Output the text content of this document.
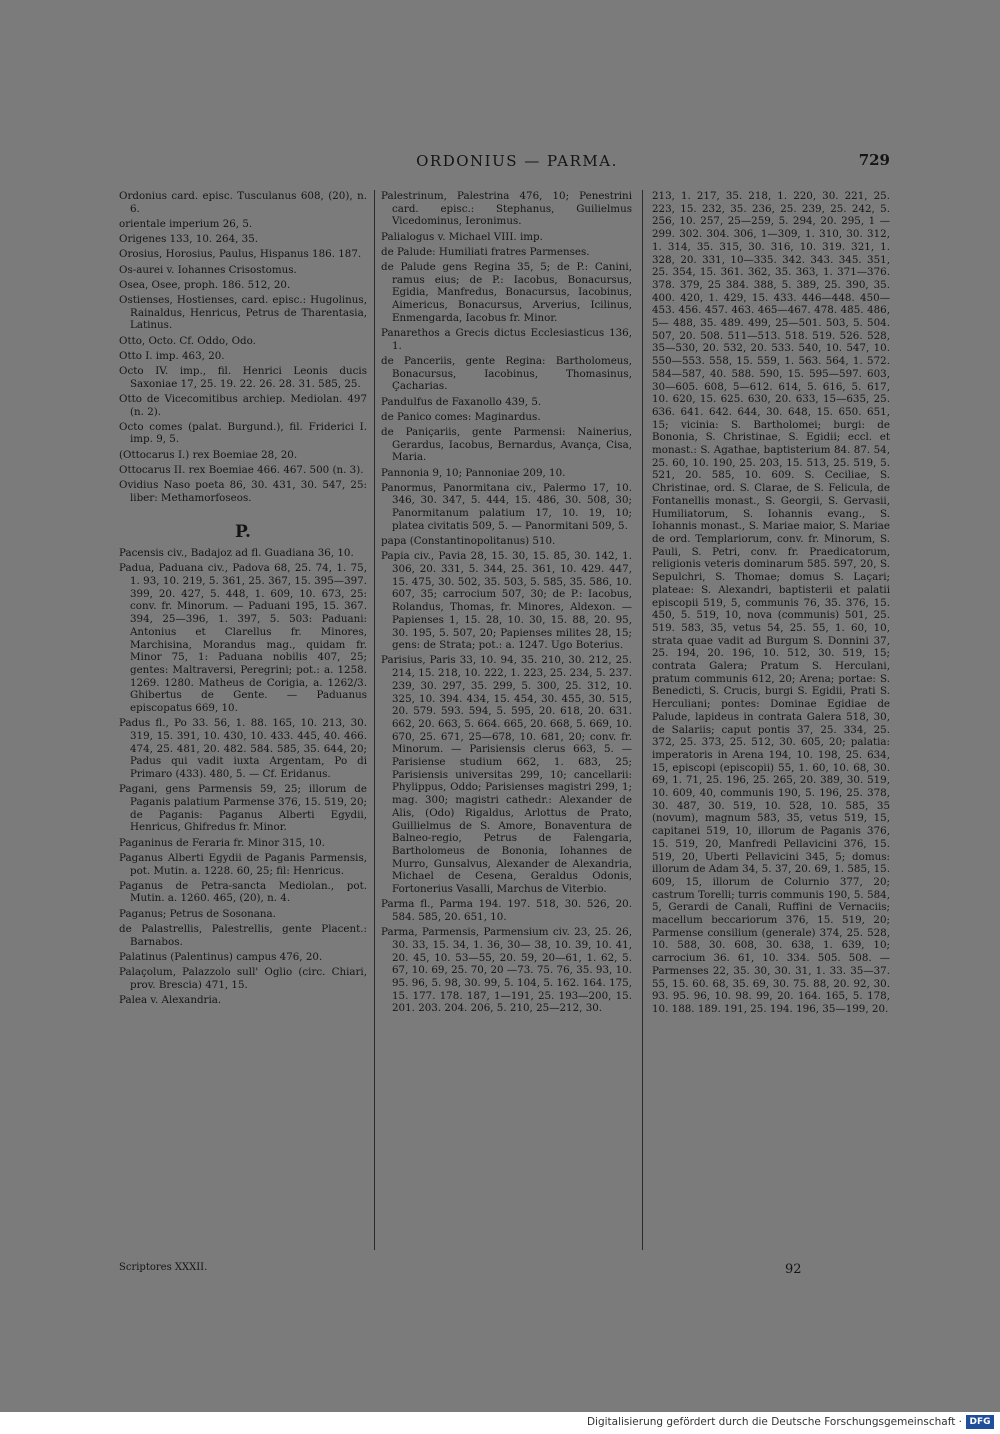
ORDONIUS — PARMA.	729

Ordonius card. episc. Tusculanus 608, (20), n. 6.

orientale imperium 26, 5.

Origenes 133, 10. 264, 35.

Orosius, Horosius, Paulus, Hispanus 186. 187.

Os-aurei v. Iohannes Crisostomus.

Osea, Osee, proph. 186. 512, 20.

Ostienses, Hostienses, card. episc.: Hugolinus, Rainaldus, Henricus, Petrus de Tharentasia, Latinus.

Otto, Octo. Cf. Oddo, Odo.

Otto I. imp. 463, 20.

Octo IV. imp., fil. Henrici Leonis ducis Saxoniae 17, 25. 19. 22. 26. 28. 31. 585, 25.

Otto de Vicecomitibus archiep. Mediolan. 497 (n. 2).

Octo comes (palat. Burgund.), fil. Friderici I. imp. 9, 5.

(Ottocarus I.) rex Boemiae 28, 20.

Ottocarus II. rex Boemiae 466. 467. 500 (n. 3).

Ovidius Naso poeta 86, 30. 431, 30. 547, 25: liber: Methamorfoseos.

P.

Pacensis civ., Badajoz ad fl. Guadiana 36, 10.

Padua, Paduana civ., Padova 68, 25. 74, 1. 75, 1. 93, 10. 219, 5. 361, 25. 367, 15. 395—397. 399, 20. 427, 5. 448, 1. 609, 10. 673, 25: conv. fr. Minorum. — Paduani 195, 15. 367. 394, 25—396, 1. 397, 5. 503: Paduani: Antonius et Clarellus fr. Minores, Marchisina, Morandus mag., quidam fr. Minor 75, 1: Paduana nobilis 407, 25; gentes: Maltraversi, Peregrini; pot.: a. 1258. 1269. 1280. Matheus de Corigia, a. 1262/3. Ghibertus de Gente. — Paduanus episcopatus 669, 10.

Padus fl., Po 33. 56, 1. 88. 165, 10. 213, 30. 319, 15. 391, 10. 430, 10. 433. 445, 40. 466. 474, 25. 481, 20. 482. 584. 585, 35. 644, 20; Padus qui vadit iuxta Argentam, Po di Primaro (433). 480, 5. — Cf. Eridanus.

Pagani, gens Parmensis 59, 25; illorum de Paganis palatium Parmense 376, 15. 519, 20; de Paganis: Paganus Alberti Egydii, Henricus, Ghifredus fr. Minor.

Paganinus de Feraria fr. Minor 315, 10.

Paganus Alberti Egydii de Paganis Parmensis, pot. Mutin. a. 1228. 60, 25; fil: Henricus.

Paganus de Petra-sancta Mediolan., pot. Mutin. a. 1260. 465, (20), n. 4.

Paganus; Petrus de Sosonana.

de Palastrellis, Palestrellis, gente Placent.: Barnabos.

Palatinus (Palentinus) campus 476, 20.

Palaçolum, Palazzolo sull' Oglio (circ. Chiari, prov. Brescia) 471, 15.

Palea v. Alexandria.

Palestrinum, Palestrina 476, 10; Penestrini card. episc.: Stephanus, Guilielmus Vicedominus, Ieronimus.

Palialogus v. Michael VIII. imp.

de Palude: Humiliati fratres Parmenses.

de Palude gens Regina 35, 5; de P.: Canini, ramus eius; de P.: Iacobus, Bonacursus, Egidia, Manfredus, Bonacursus, Iacobinus, Aimericus, Bonacursus, Arverius, Icilinus, Enmengarda, Iacobus fr. Minor.

Panarethos a Grecis dictus Ecclesiasticus 136, 1.

de Panceriis, gente Regina: Bartholomeus, Bonacursus, Iacobinus, Thomasinus, Çacharias.

Pandulfus de Faxanollo 439, 5.

de Panico comes: Maginardus.

de Paniçariis, gente Parmensi: Nainerius, Gerardus, Iacobus, Bernardus, Avança, Cisa, Maria.

Pannonia 9, 10; Pannoniae 209, 10.

Panormus, Panormitana civ., Palermo 17, 10. 346, 30. 347, 5. 444, 15. 486, 30. 508, 30; Panormitanum palatium 17, 10. 19, 10; platea civitatis 509, 5. — Panormitani 509, 5.

papa (Constantinopolitanus) 510.

Papia civ., Pavia 28, 15. 30, 15. 85, 30. 142, 1. 306, 20. 331, 5. 344, 25. 361, 10. 429. 447, 15. 475, 30. 502, 35. 503, 5. 585, 35. 586, 10. 607, 35; carrocium 507, 30; de P.: Iacobus, Rolandus, Thomas, fr. Minores, Aldexon. — Papienses 1, 15. 28, 10. 30, 15. 88, 20. 95, 30. 195, 5. 507, 20; Papienses milites 28, 15; gens: de Strata; pot.: a. 1247. Ugo Boterius.

Parisius, Paris 33, 10. 94, 35. 210, 30. 212, 25. 214, 15. 218, 10. 222, 1. 223, 25. 234, 5. 237. 239, 30. 297, 35. 299, 5. 300, 25. 312, 10. 325, 10. 394. 434, 15. 454, 30. 455, 30. 515, 20. 579. 593. 594, 5. 595, 20. 618, 20. 631. 662, 20. 663, 5. 664. 665, 20. 668, 5. 669, 10. 670, 25. 671, 25—678, 10. 681, 20; conv. fr. Minorum. — Parisiensis clerus 663, 5. — Parisiense studium 662, 1. 683, 25; Parisiensis universitas 299, 10; cancellarii: Phylippus, Oddo; Parisienses magistri 299, 1; mag. 300; magistri cathedr.: Alexander de Alis, (Odo) Rigaldus, Arlottus de Prato, Guillielmus de S. Amore, Bonaventura de Balneo-regio, Petrus de Falengaria, Bartholomeus de Bononia, Iohannes de Murro, Gunsalvus, Alexander de Alexandria, Michael de Cesena, Geraldus Odonis, Fortonerius Vasalli, Marchus de Viterbio.

Parma fl., Parma 194. 197. 518, 30. 526, 20. 584. 585, 20. 651, 10.

Parma, Parmensis, Parmensium civ. 23, 25. 26, 30. 33, 15. 34, 1. 36, 30— 38, 10. 39, 10. 41, 20. 45, 10. 53—55, 20. 59, 20—61, 1. 62, 5. 67, 10. 69, 25. 70, 20 —73. 75. 76, 35. 93, 10. 95. 96, 5. 98, 30. 99, 5. 104, 5. 162. 164. 175, 15. 177. 178. 187, 1—191, 25. 193—200, 15. 201. 203. 204. 206, 5. 210, 25—212, 30.

213, 1. 217, 35. 218, 1. 220, 30. 221, 25. 223, 15. 232, 35. 236, 25. 239, 25. 242, 5. 256, 10. 257, 25—259, 5. 294, 20. 295, 1 —299. 302. 304. 306, 1—309, 1. 310, 30. 312, 1. 314, 35. 315, 30. 316, 10. 319. 321, 1. 328, 20. 331, 10—335. 342. 343. 345. 351, 25. 354, 15. 361. 362, 35. 363, 1. 371—376. 378. 379, 25 384. 388, 5. 389, 25. 390, 35. 400. 420, 1. 429, 15. 433. 446—448. 450—453. 456. 457. 463. 465—467. 478. 485. 486, 5— 488, 35. 489. 499, 25—501. 503, 5. 504. 507, 20. 508. 511—513. 518. 519. 526. 528, 35—530, 20. 532, 20. 533. 540, 10. 547, 10. 550—553. 558, 15. 559, 1. 563. 564, 1. 572. 584—587, 40. 588. 590, 15. 595—597. 603, 30—605. 608, 5—612. 614, 5. 616, 5. 617, 10. 620, 15. 625. 630, 20. 633, 15—635, 25. 636. 641. 642. 644, 30. 648, 15. 650. 651, 15; vicinia: S. Bartholomei; burgi: de Bononia, S. Christinae, S. Egidii; eccl. et monast.: S. Agathae, baptisterium 84. 87. 54, 25. 60, 10. 190, 25. 203, 15. 513, 25. 519, 5. 521, 20. 585, 10. 609. S. Ceciliae, S. Christinae, ord. S. Clarae, de S. Felicula, de Fontanellis monast., S. Georgii, S. Gervasii, Humiliatorum, S. Iohannis evang., S. Iohannis monast., S. Mariae maior, S. Mariae de ord. Templariorum, conv. fr. Minorum, S. Pauli, S. Petri, conv. fr. Praedicatorum, religionis veteris dominarum 585. 597, 20, S. Sepulchri, S. Thomae; domus S. Laçari; plateae: S. Alexandri, baptisterii et palatii episcopii 519, 5, communis 76, 35. 376, 15. 450, 5. 519, 10, nova (communis) 501, 25. 519. 583, 35, vetus 54, 25. 55, 1. 60, 10, strata quae vadit ad Burgum S. Donnini 37, 25. 194, 20. 196, 10. 512, 30. 519, 15; contrata Galera; Pratum S. Herculani, pratum communis 612, 20; Arena; portae: S. Benedicti, S. Crucis, burgi S. Egidii, Prati S. Herculiani; pontes: Dominae Egidiae de Palude, lapideus in contrata Galera 518, 30, de Salariis; caput pontis 37, 25. 334, 25. 372, 25. 373, 25. 512, 30. 605, 20; palatia: imperatoris in Arena 194, 10. 198, 25. 634, 15, episcopi (episcopii) 55, 1. 60, 10. 68, 30. 69, 1. 71, 25. 196, 25. 265, 20. 389, 30. 519, 10. 609, 40, communis 190, 5. 196, 25. 378, 30. 487, 30. 519, 10. 528, 10. 585, 35 (novum), magnum 583, 35, vetus 519, 15, capitanei 519, 10, illorum de Paganis 376, 15. 519, 20, Manfredi Pellavicini 376, 15. 519, 20, Uberti Pellavicini 345, 5; domus: illorum de Adam 34, 5. 37, 20. 69, 1. 585, 15. 609, 15, illorum de Colurnio 377, 20; castrum Torelli; turris communis 190, 5. 584, 5, Gerardi de Canali, Ruffini de Vernaciis; macellum beccariorum 376, 15. 519, 20; Parmense consilium (generale) 374, 25. 528, 10. 588, 30. 608, 30. 638, 1. 639, 10; carrocium 36. 61, 10. 334. 505. 508. — Parmenses 22, 35. 30, 30. 31, 1. 33. 35—37. 55, 15. 60. 68, 35. 69, 30. 75. 88, 20. 92, 30. 93. 95. 96, 10. 98. 99, 20. 164. 165, 5. 178, 10. 188. 189. 191, 25. 194. 196, 35—199, 20.

Scriptores XXXII.	92
Digitalisierung gefördert durch die Deutsche Forschungsgemeinschaft · DFG
